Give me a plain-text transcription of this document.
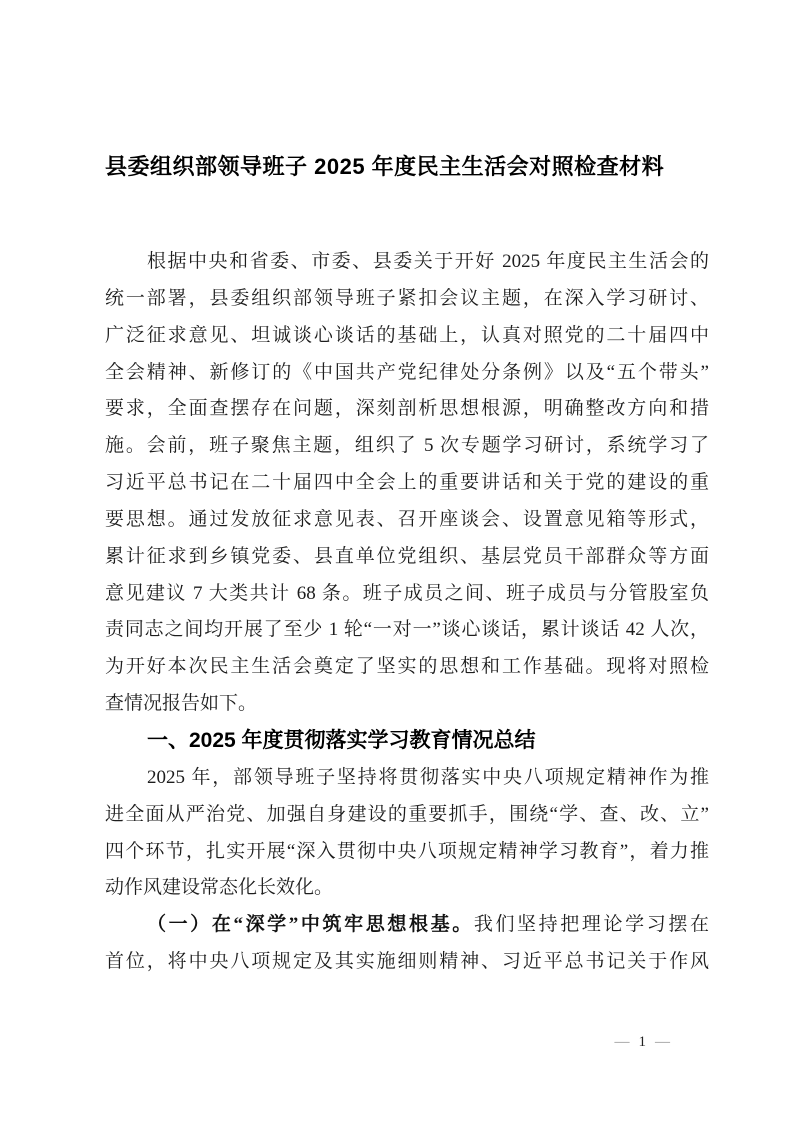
县委组织部领导班子 2025 年度民主生活会对照检查材料
根据中央和省委、市委、县委关于开好 2025 年度民主生活会的
统一部署，县委组织部领导班子紧扣会议主题，在深入学习研讨、
广泛征求意见、坦诚谈心谈话的基础上，认真对照党的二十届四中
全会精神、新修订的《中国共产党纪律处分条例》以及“五个带头”
要求，全面查摆存在问题，深刻剖析思想根源，明确整改方向和措
施。会前，班子聚焦主题，组织了 5 次专题学习研讨，系统学习了
习近平总书记在二十届四中全会上的重要讲话和关于党的建设的重
要思想。通过发放征求意见表、召开座谈会、设置意见箱等形式，
累计征求到乡镇党委、县直单位党组织、基层党员干部群众等方面
意见建议 7 大类共计 68 条。班子成员之间、班子成员与分管股室负
责同志之间均开展了至少 1 轮“一对一”谈心谈话，累计谈话 42 人次，
为开好本次民主生活会奠定了坚实的思想和工作基础。现将对照检
查情况报告如下。
一、2025 年度贯彻落实学习教育情况总结
2025 年，部领导班子坚持将贯彻落实中央八项规定精神作为推
进全面从严治党、加强自身建设的重要抓手，围绕“学、查、改、立”
四个环节，扎实开展“深入贯彻中央八项规定精神学习教育”，着力推
动作风建设常态化长效化。
（一）在“深学”中筑牢思想根基。我们坚持把理论学习摆在
首位，将中央八项规定及其实施细则精神、习近平总书记关于作风
— 1 —
